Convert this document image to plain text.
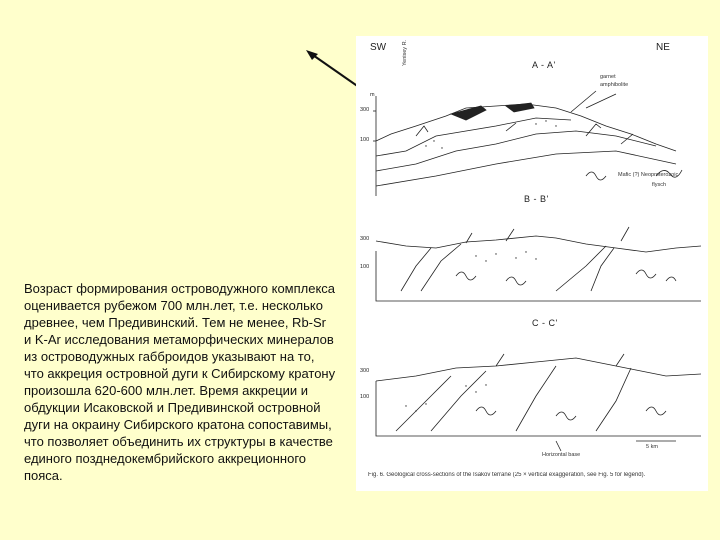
SW	NE
Yenisey R.
m
A - A'
300
100
garnet
amphibolite
Mafic (?) Neoproterozoic
flysch
B - B'
300
100
C - C'
300
100
Horizontal base
5 km
Fig. 6. Geological cross-sections of the Isakov terrane (25 × vertical exaggeration, see Fig. 5 for legend).
Возраст формирования островодужного комплекса
оценивается рубежом 700 млн.лет, т.е. несколько
древнее, чем Предивинский. Тем не менее, Rb-Sr
и K-Ar исследования метаморфических минералов
из островодужных габброидов указывают на то,
что аккреция островной дуги к Сибирскому кратону
произошла 620-600 млн.лет. Время аккреции и
обдукции Исаковской и Предивинской островной
дуги на окраину Сибирского кратона сопоставимы,
что позволяет объединить их структуры в качестве
единого позднедокембрийского аккреционного
пояса.
